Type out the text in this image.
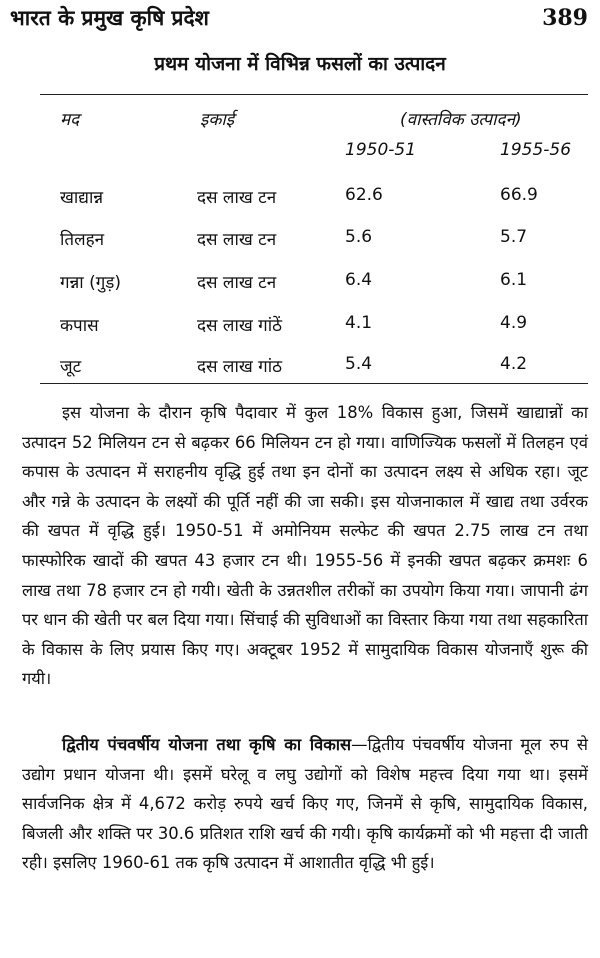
भारत के प्रमुख कृषि प्रदेश	389
प्रथम योजना में विभिन्न फसलों का उत्पादन
मद	इकाई	(वास्तविक उत्पादन)
1950-51	1955-56
खाद्यान्न	दस लाख टन	62.6	66.9
तिलहन	दस लाख टन	5.6	5.7
गन्ना (गुड़)	दस लाख टन	6.4	6.1
कपास	दस लाख गांठें	4.1	4.9
जूट	दस लाख गांठ	5.4	4.2

इस योजना के दौरान कृषि पैदावार में कुल 18% विकास हुआ, जिसमें खाद्यान्नों का उत्पादन 52 मिलियन टन से बढ़कर 66 मिलियन टन हो गया। वाणिज्यिक फसलों में तिलहन एवं कपास के उत्पादन में सराहनीय वृद्धि हुई तथा इन दोनों का उत्पादन लक्ष्य से अधिक रहा। जूट और गन्ने के उत्पादन के लक्ष्यों की पूर्ति नहीं की जा सकी। इस योजनाकाल में खाद्य तथा उर्वरक की खपत में वृद्धि हुई। 1950-51 में अमोनियम सल्फेट की खपत 2.75 लाख टन तथा फास्फोरिक खादों की खपत 43 हजार टन थी। 1955-56 में इनकी खपत बढ़कर क्रमशः 6 लाख तथा 78 हजार टन हो गयी। खेती के उन्नतशील तरीकों का उपयोग किया गया। जापानी ढंग पर धान की खेती पर बल दिया गया। सिंचाई की सुविधाओं का विस्तार किया गया तथा सहकारिता के विकास के लिए प्रयास किए गए। अक्टूबर 1952 में सामुदायिक विकास योजनाएँ शुरू की गयी।

द्वितीय पंचवर्षीय योजना तथा कृषि का विकास—द्वितीय पंचवर्षीय योजना मूल रुप से उद्योग प्रधान योजना थी। इसमें घरेलू व लघु उद्योगों को विशेष महत्त्व दिया गया था। इसमें सार्वजनिक क्षेत्र में 4,672 करोड़ रुपये खर्च किए गए, जिनमें से कृषि, सामुदायिक विकास, बिजली और शक्ति पर 30.6 प्रतिशत राशि खर्च की गयी। कृषि कार्यक्रमों को भी महत्ता दी जाती रही। इसलिए 1960-61 तक कृषि उत्पादन में आशातीत वृद्धि भी हुई।
